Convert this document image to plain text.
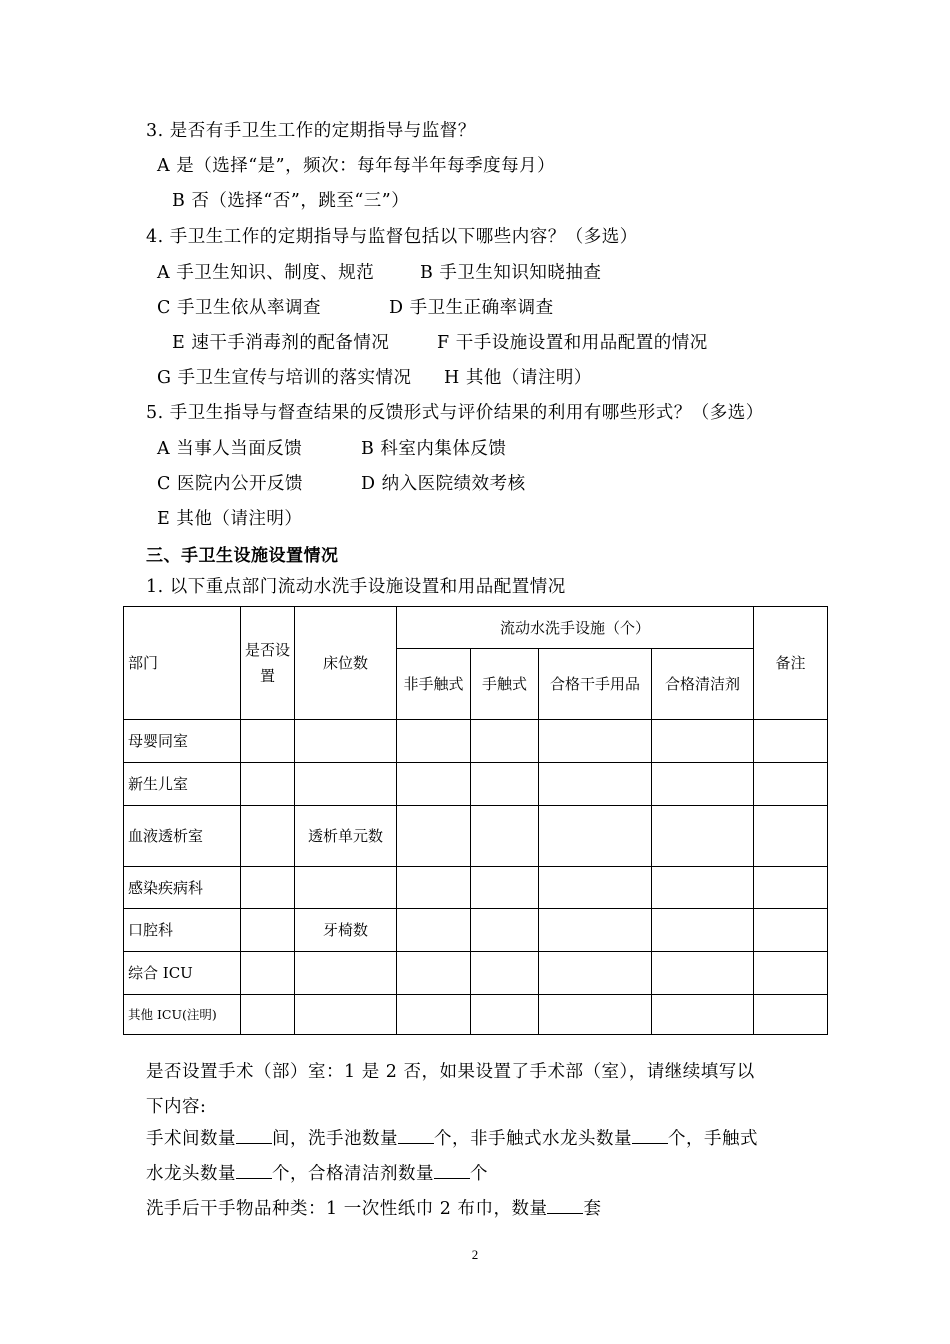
3. 是否有手卫生工作的定期指导与监督？
A 是（选择“是”，频次：每年每半年每季度每月）
B 否（选择“否”，跳至“三”）
4. 手卫生工作的定期指导与监督包括以下哪些内容？（多选）
A 手卫生知识、制度、规范	B 手卫生知识知晓抽查
C 手卫生依从率调查	D 手卫生正确率调查
E 速干手消毒剂的配备情况	F 干手设施设置和用品配置的情况
G 手卫生宣传与培训的落实情况 H 其他（请注明）
5. 手卫生指导与督查结果的反馈形式与评价结果的利用有哪些形式？（多选）
A 当事人当面反馈	B 科室内集体反馈
C 医院内公开反馈	D 纳入医院绩效考核
E 其他（请注明）
三、手卫生设施设置情况
1. 以下重点部门流动水洗手设施设置和用品配置情况
部门	是否设置	床位数	流动水洗手设施（个）				备注
			非手触式	手触式	合格干手用品	合格清洁剂	
母婴同室							
新生儿室							
血液透析室		透析单元数					
感染疾病科							
口腔科		牙椅数					
综合 ICU							
其他 ICU(注明)							
是否设置手术（部）室：1 是 2 否，如果设置了手术部（室），请继续填写以
下内容:
手术间数量 间，洗手池数量 个，非手触式水龙头数量 个，手触式
水龙头数量 个，合格清洁剂数量 个
洗手后干手物品种类：1 一次性纸巾 2 布巾，数量 套
2
